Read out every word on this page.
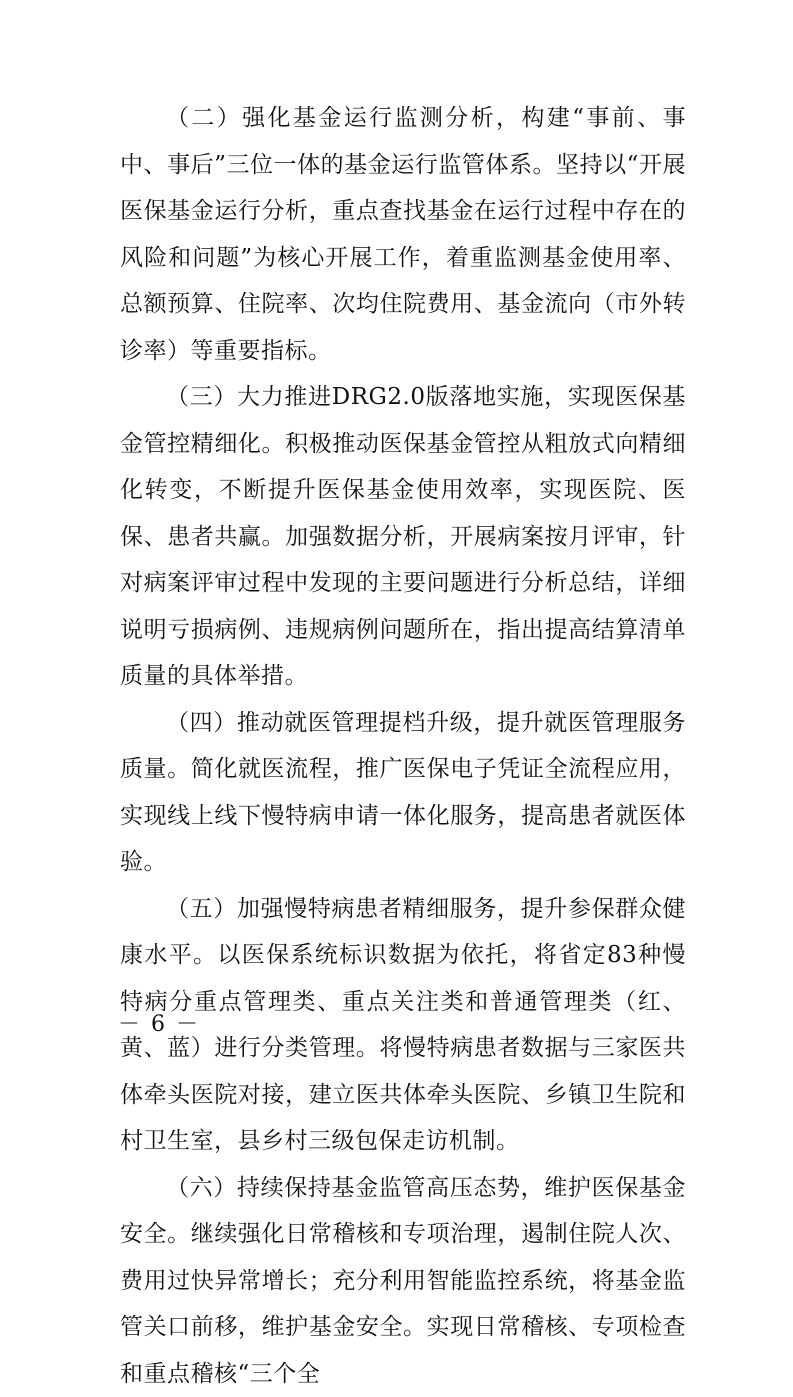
（二）强化基金运行监测分析，构建“事前、事中、事后”三位一体的基金运行监管体系。坚持以“开展医保基金运行分析，重点查找基金在运行过程中存在的风险和问题”为核心开展工作，着重监测基金使用率、总额预算、住院率、次均住院费用、基金流向（市外转诊率）等重要指标。

（三）大力推进DRG2.0版落地实施，实现医保基金管控精细化。积极推动医保基金管控从粗放式向精细化转变，不断提升医保基金使用效率，实现医院、医保、患者共赢。加强数据分析，开展病案按月评审，针对病案评审过程中发现的主要问题进行分析总结，详细说明亏损病例、违规病例问题所在，指出提高结算清单质量的具体举措。

（四）推动就医管理提档升级，提升就医管理服务质量。简化就医流程，推广医保电子凭证全流程应用，实现线上线下慢特病申请一体化服务，提高患者就医体验。

（五）加强慢特病患者精细服务，提升参保群众健康水平。以医保系统标识数据为依托，将省定83种慢特病分重点管理类、重点关注类和普通管理类（红、黄、蓝）进行分类管理。将慢特病患者数据与三家医共体牵头医院对接，建立医共体牵头医院、乡镇卫生院和村卫生室，县乡村三级包保走访机制。

（六）持续保持基金监管高压态势，维护医保基金安全。继续强化日常稽核和专项治理，遏制住院人次、费用过快异常增长；充分利用智能监控系统，将基金监管关口前移，维护基金安全。实现日常稽核、专项检查和重点稽核“三个全

－ 6 －
